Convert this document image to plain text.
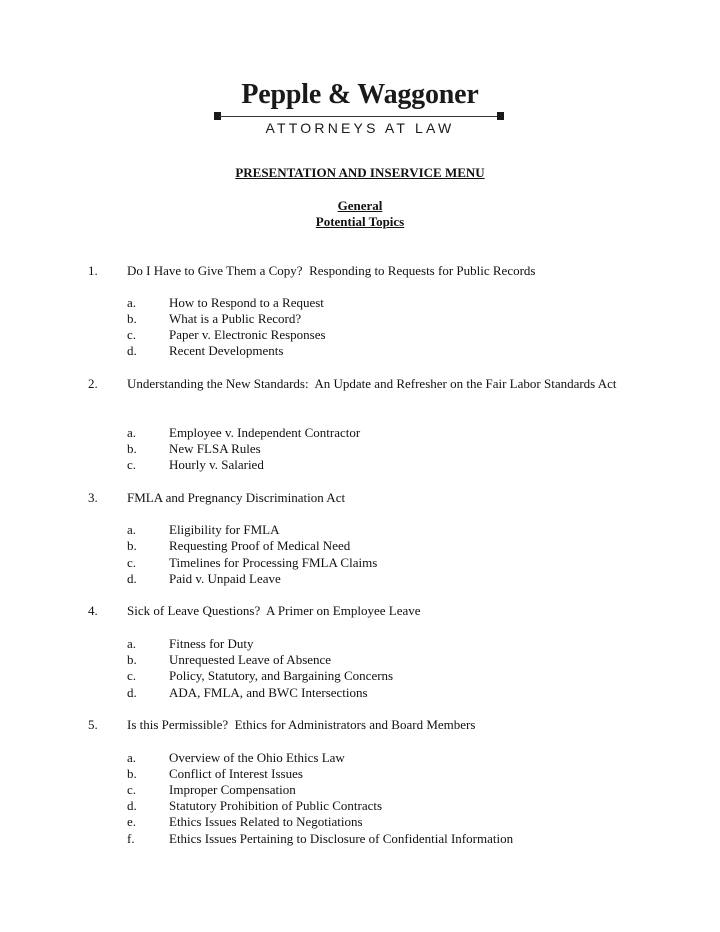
Pepple & Waggoner
ATTORNEYS AT LAW
PRESENTATION AND INSERVICE MENU
General
Potential Topics
1. Do I Have to Give Them a Copy?  Responding to Requests for Public Records
a.	How to Respond to a Request
b. What is a Public Record?
c.	Paper v. Electronic Responses
d. Recent Developments
2. Understanding the New Standards:  An Update and Refresher on the Fair Labor Standards Act
a.	Employee v. Independent Contractor
b. New FLSA Rules
c.	Hourly v. Salaried
3. FMLA and Pregnancy Discrimination Act
a.	Eligibility for FMLA
b. Requesting Proof of Medical Need
c.	Timelines for Processing FMLA Claims
d. Paid v. Unpaid Leave
4. Sick of Leave Questions?  A Primer on Employee Leave
a.	Fitness for Duty
b. Unrequested Leave of Absence
c.	Policy, Statutory, and Bargaining Concerns
d. ADA, FMLA, and BWC Intersections
5. Is this Permissible?  Ethics for Administrators and Board Members
a.	Overview of the Ohio Ethics Law
b. Conflict of Interest Issues
c.	Improper Compensation
d. Statutory Prohibition of Public Contracts
e.	Ethics Issues Related to Negotiations
f.	Ethics Issues Pertaining to Disclosure of Confidential Information
